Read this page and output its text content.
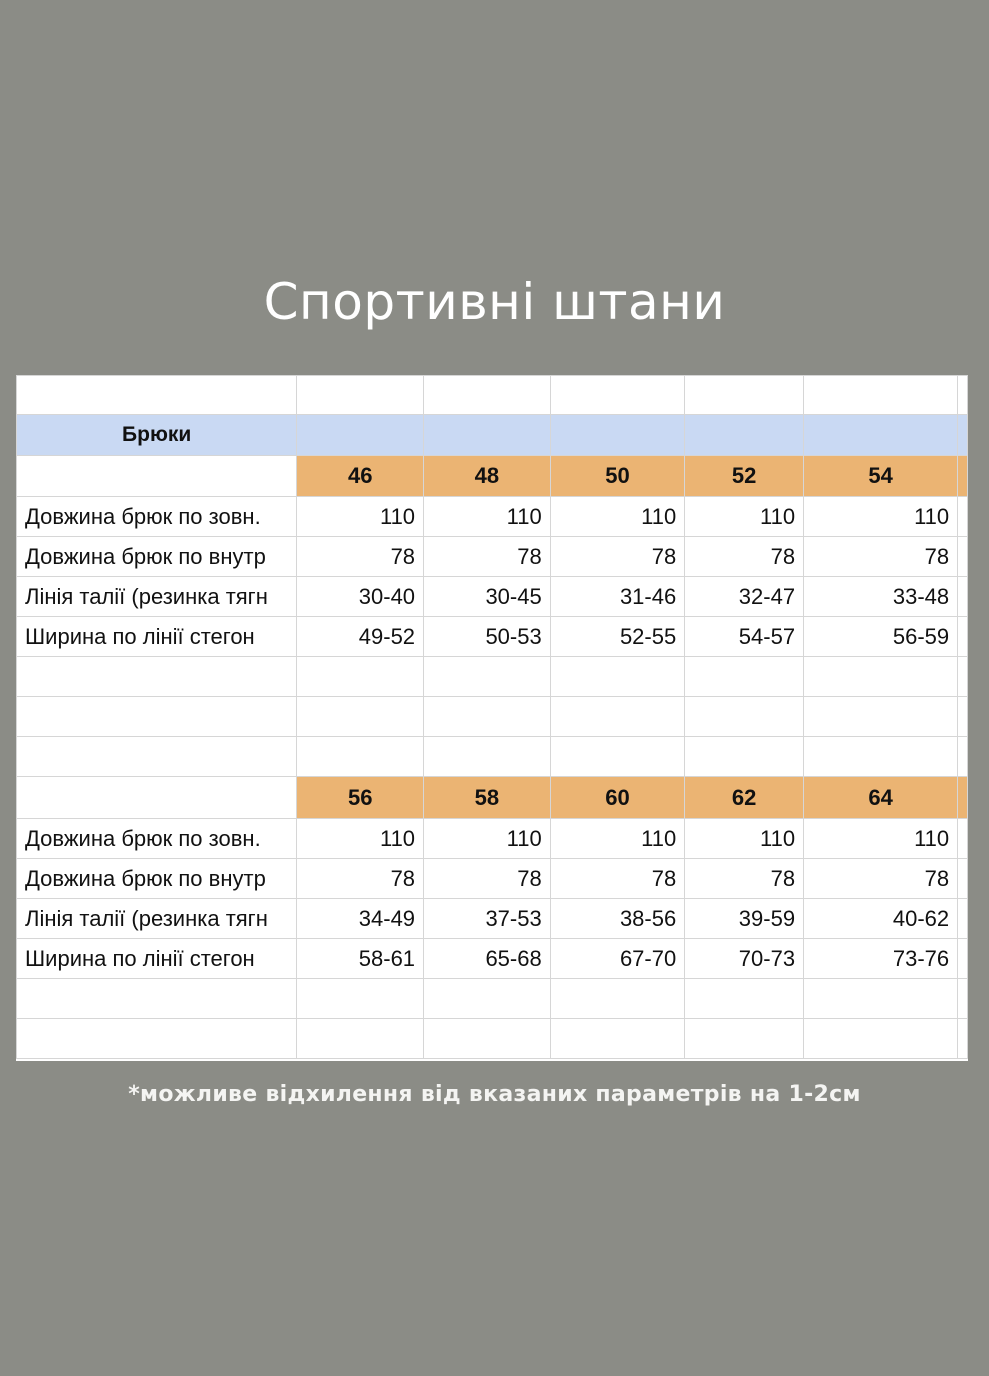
Спортивні штани

Брюки						
	46	48	50	52	54	
Довжина брюк по зовн.	110	110	110	110	110	
Довжина брюк по внутр	78	78	78	78	78	
Лінія талії (резинка тягн	30-40	30-45	31-46	32-47	33-48	
Ширина по лінії стегон	49-52	50-53	52-55	54-57	56-59	

	56	58	60	62	64	
Довжина брюк по зовн.	110	110	110	110	110	
Довжина брюк по внутр	78	78	78	78	78	
Лінія талії (резинка тягн	34-49	37-53	38-56	39-59	40-62	
Ширина по лінії стегон	58-61	65-68	67-70	70-73	73-76	

*можливе відхилення від вказаних параметрів на 1-2см
